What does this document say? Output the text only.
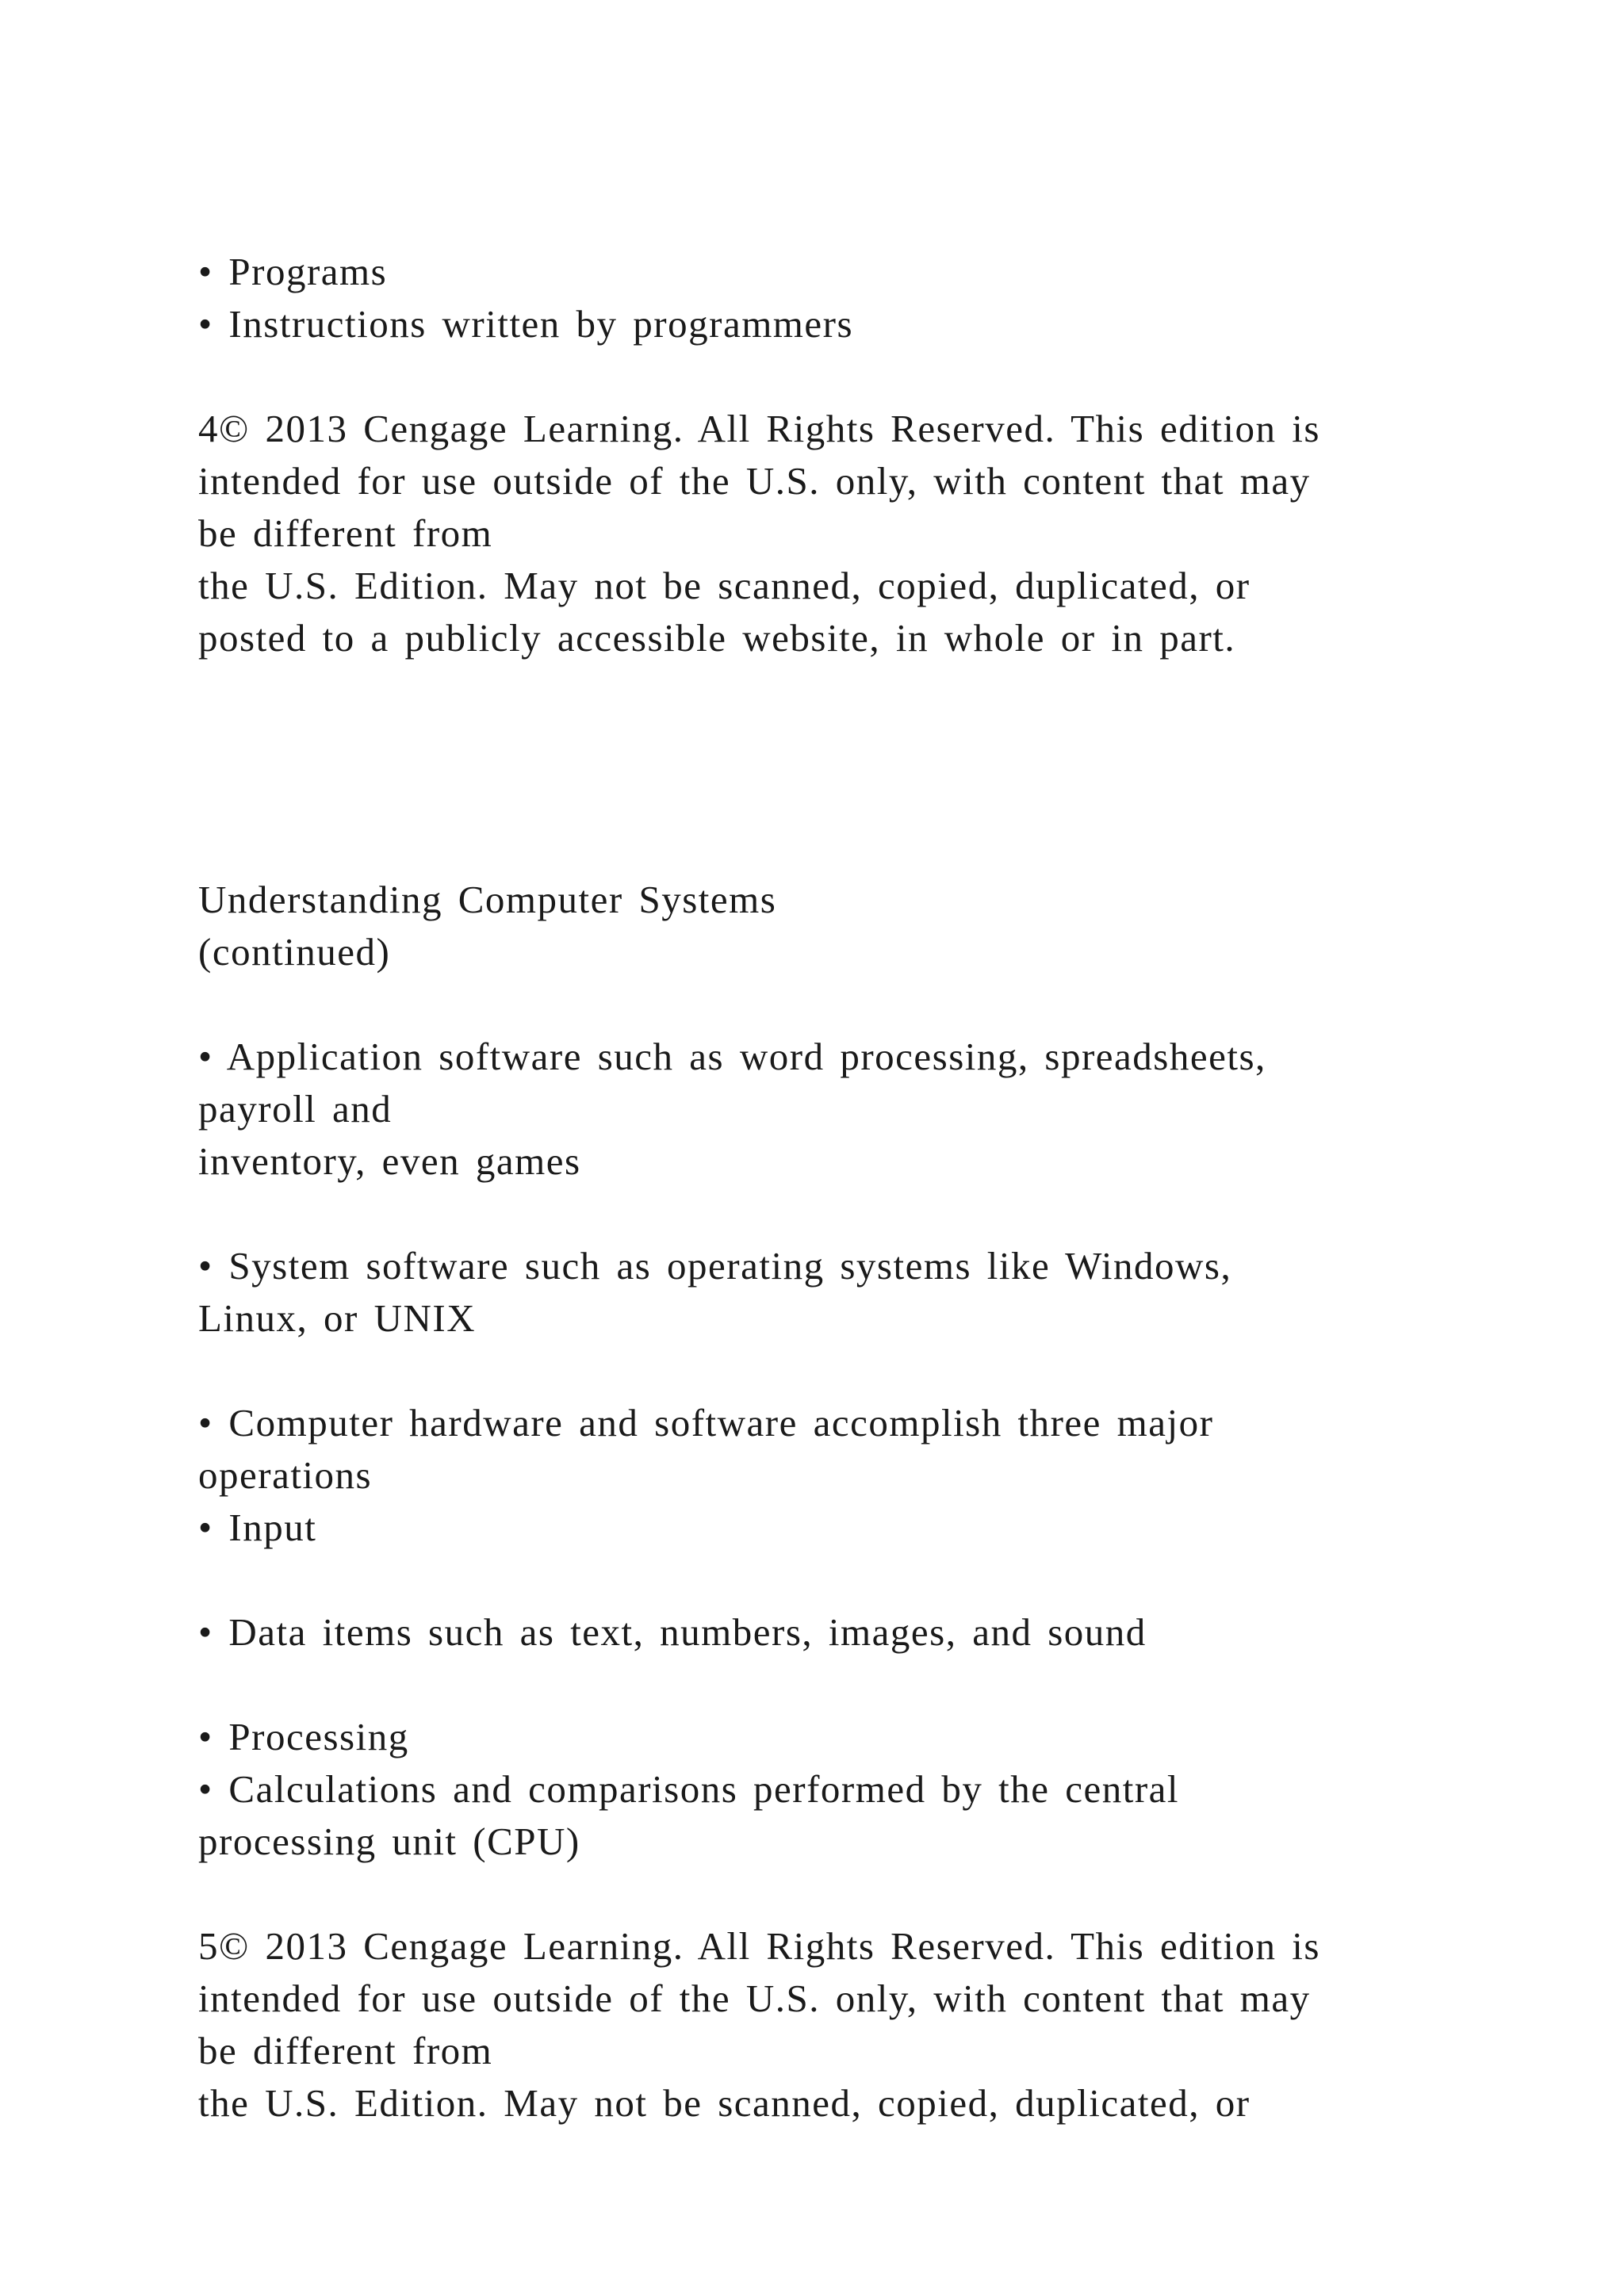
• Programs
• Instructions written by programmers
4© 2013 Cengage Learning. All Rights Reserved. This edition is
intended for use outside of the U.S. only, with content that may
be different from
the U.S. Edition. May not be scanned, copied, duplicated, or
posted to a publicly accessible website, in whole or in part.
Understanding Computer Systems
(continued)
• Application software such as word processing, spreadsheets,
payroll and
inventory, even games
• System software such as operating systems like Windows,
Linux, or UNIX
• Computer hardware and software accomplish three major
operations
• Input
• Data items such as text, numbers, images, and sound
• Processing
• Calculations and comparisons performed by the central
processing unit (CPU)
5© 2013 Cengage Learning. All Rights Reserved. This edition is
intended for use outside of the U.S. only, with content that may
be different from
the U.S. Edition. May not be scanned, copied, duplicated, or
